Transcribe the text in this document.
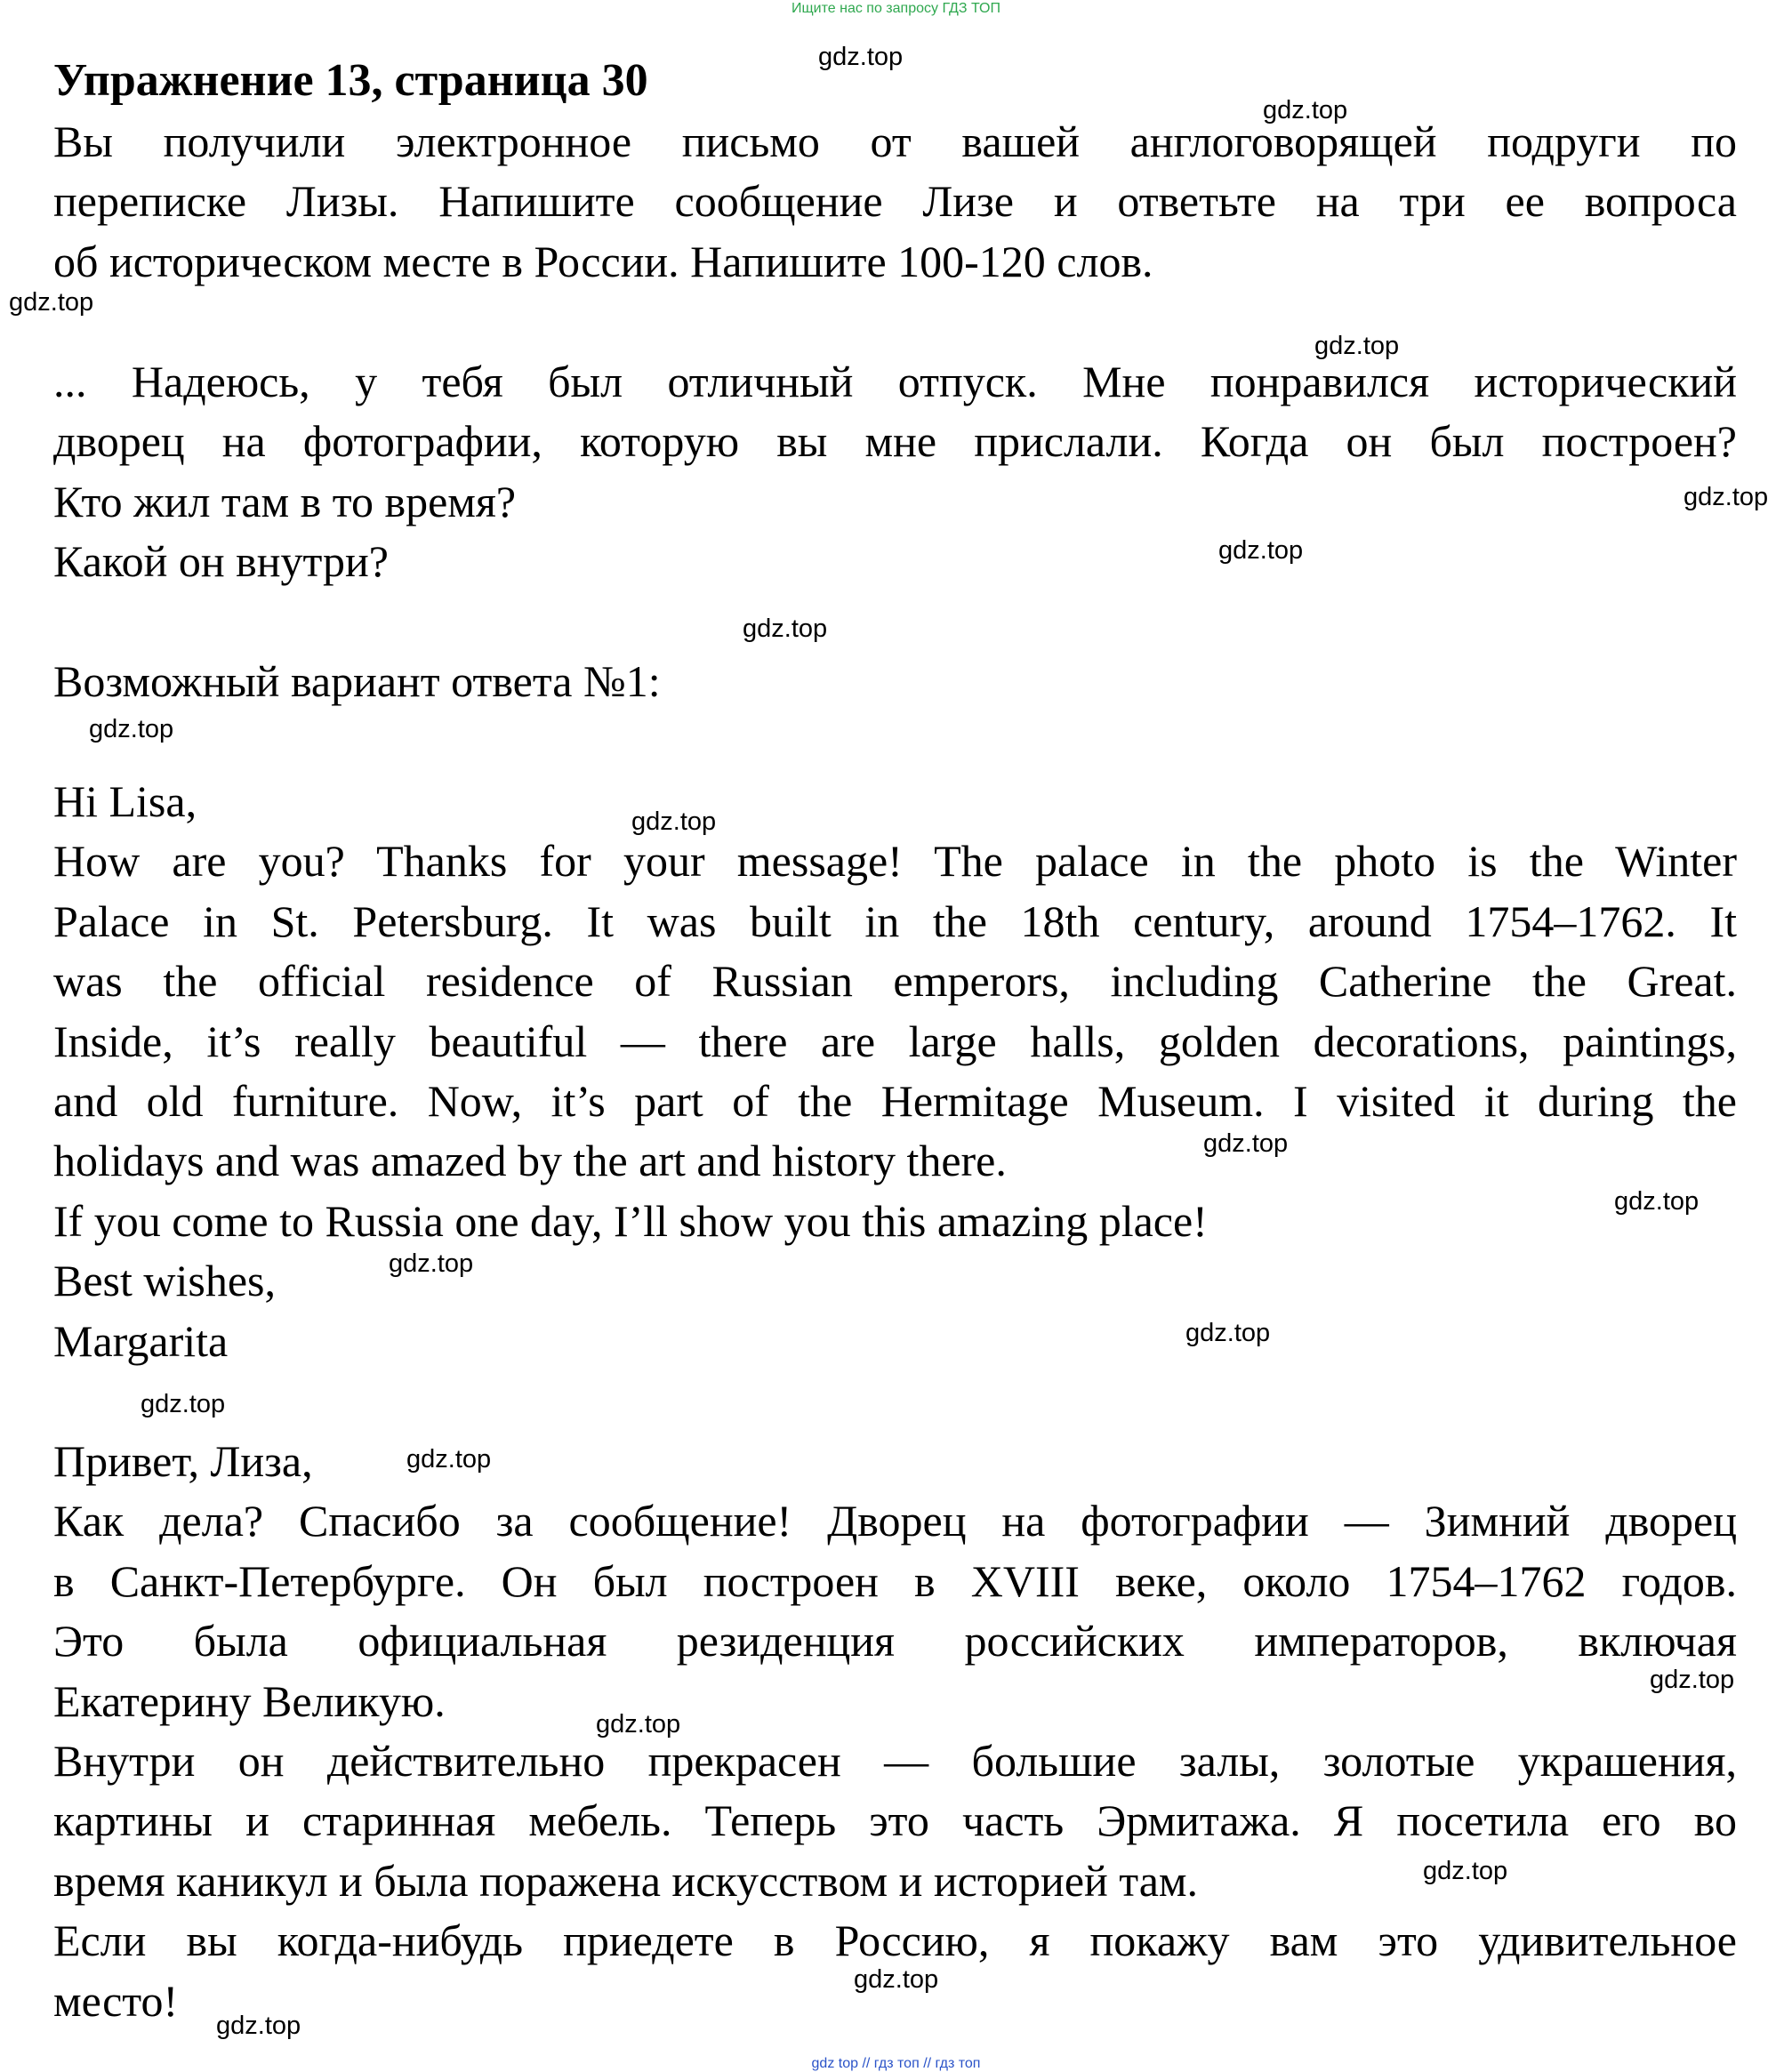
Ищите нас по запросу ГДЗ ТОП
Упражнение 13, страница 30
Вы получили электронное письмо от вашей англоговорящей подруги по
переписке Лизы. Напишите сообщение Лизе и ответьте на три ее вопроса
об историческом месте в России. Напишите 100-120 слов.
... Надеюсь, у тебя был отличный отпуск. Мне понравился исторический
дворец на фотографии, которую вы мне прислали. Когда он был построен?
Кто жил там в то время?
Какой он внутри?
Возможный вариант ответа №1:
Hi Lisa,
How are you? Thanks for your message! The palace in the photo is the Winter
Palace in St. Petersburg. It was built in the 18th century, around 1754–1762. It
was the official residence of Russian emperors, including Catherine the Great.
Inside, it’s really beautiful — there are large halls, golden decorations, paintings,
and old furniture. Now, it’s part of the Hermitage Museum. I visited it during the
holidays and was amazed by the art and history there.
If you come to Russia one day, I’ll show you this amazing place!
Best wishes,
Margarita
Привет, Лиза,
Как дела? Спасибо за сообщение! Дворец на фотографии — Зимний дворец
в Санкт-Петербурге. Он был построен в XVIII веке, около 1754–1762 годов.
Это была официальная резиденция российских императоров, включая
Екатерину Великую.
Внутри он действительно прекрасен — большие залы, золотые украшения,
картины и старинная мебель. Теперь это часть Эрмитажа. Я посетила его во
время каникул и была поражена искусством и историей там.
Если вы когда-нибудь приедете в Россию, я покажу вам это удивительное
место!
gdz.top
gdz.top
gdz.top
gdz.top
gdz.top
gdz.top
gdz.top
gdz.top
gdz.top
gdz.top
gdz.top
gdz.top
gdz.top
gdz.top
gdz.top
gdz.top
gdz.top
gdz.top
gdz.top
gdz.top
gdz top // гдз топ // гдз топ
